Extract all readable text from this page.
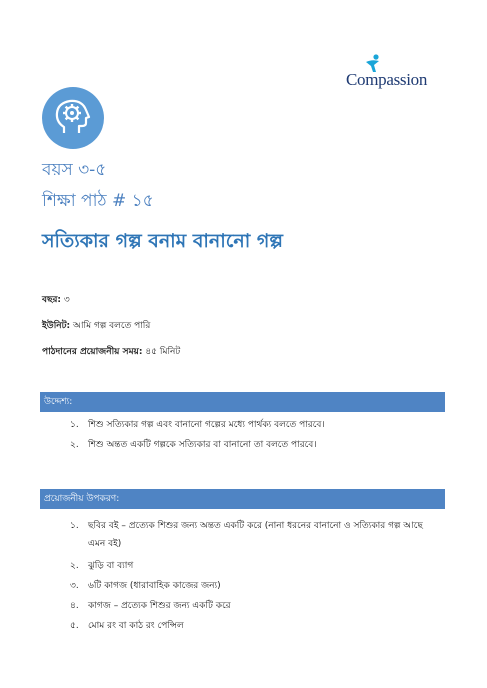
Compassion
বয়স ৩-৫
শিক্ষা পাঠ # ১৫
সত্যিকার গল্প বনাম বানানো গল্প
বছর: ৩
ইউনিট: আমি গল্প বলতে পারি
পাঠদানের প্রয়োজনীয় সময়: ৪৫ মিনিট
উদ্দেশ্য:
১. শিশু সত্যিকার গল্প এবং বানানো গল্পের মধ্যে পার্থক্য বলতে পারবে।
২. শিশু অন্তত একটি গল্পকে সত্যিকার বা বানানো তা বলতে পারবে।
প্রয়োজনীয় উপকরণ:
১. ছবির বই – প্রত্যেক শিশুর জন্য অন্তত একটি করে (নানা ধরনের বানানো ও সত্যিকার গল্প আছে এমন বই)
২. ঝুড়ি বা ব্যাগ
৩. ৬টি কাগজ (ধারাবাহিক কাজের জন্য)
৪. কাগজ – প্রত্যেক শিশুর জন্য একটি করে
৫. মোম রং বা কাঠ রং পেন্সিল
